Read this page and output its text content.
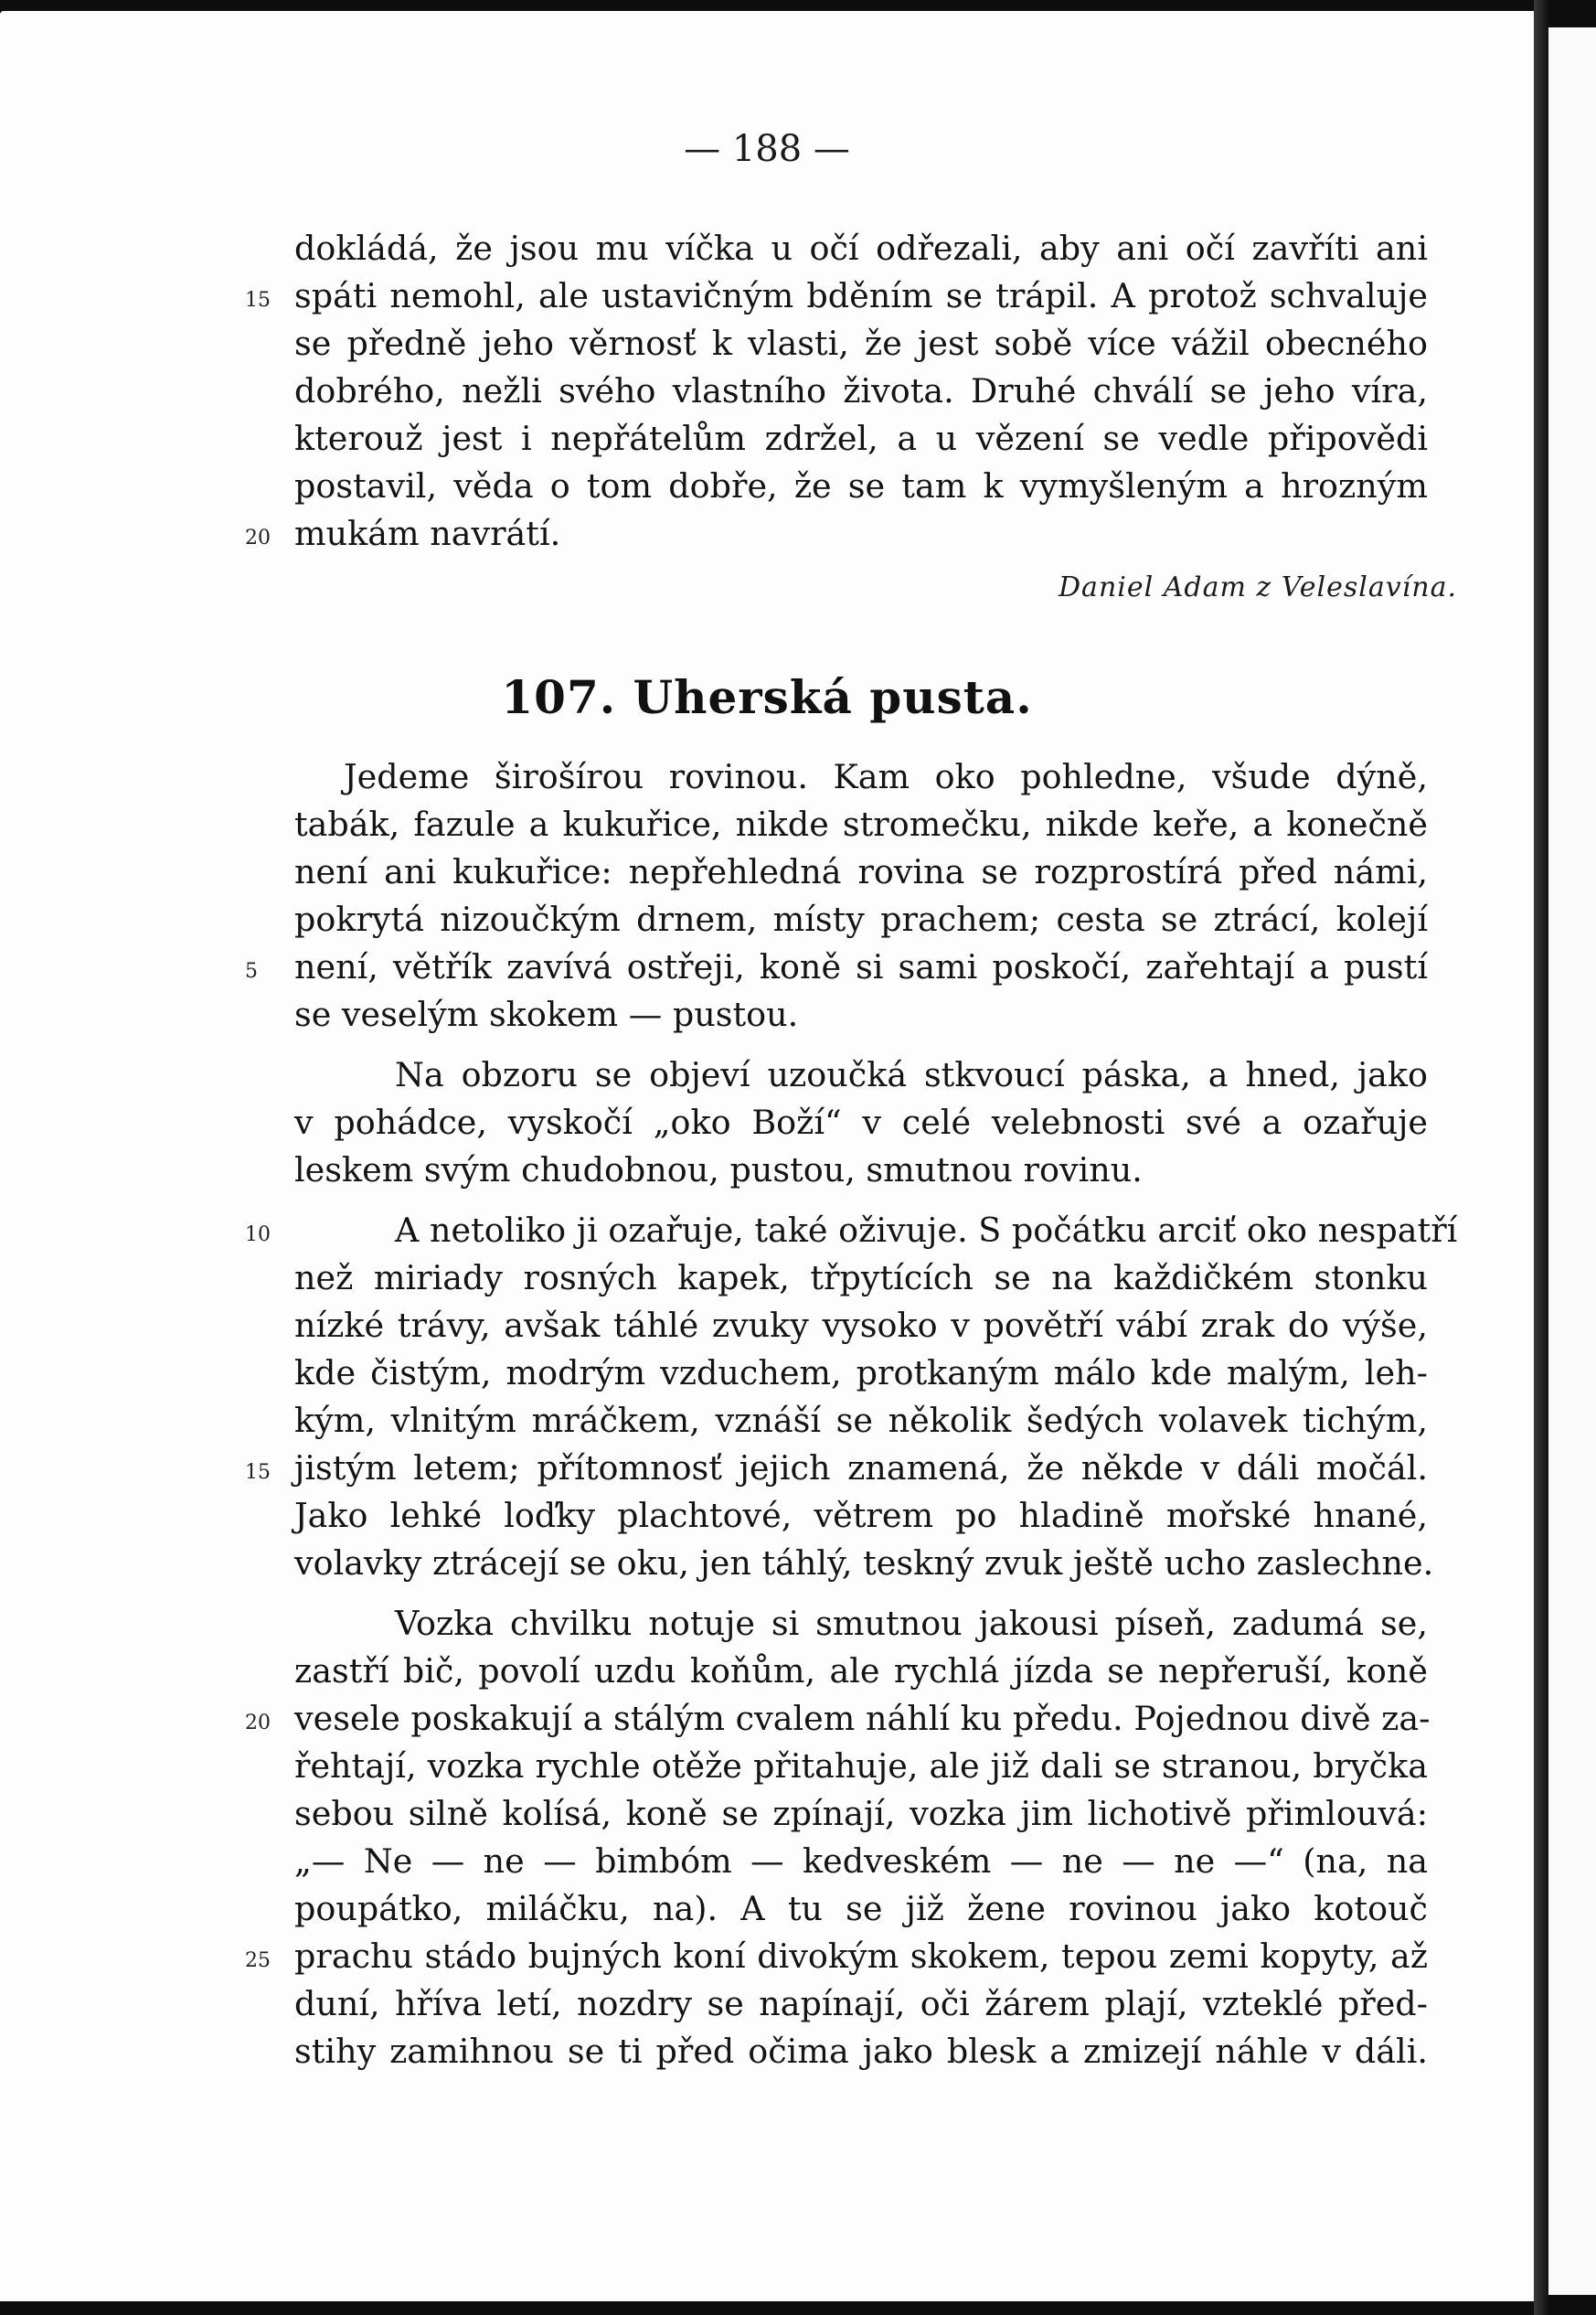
— 188 —
dokládá, že jsou mu víčka u očí odřezali, aby ani očí zavříti ani
spáti nemohl, ale ustavičným bděním se trápil. A protož schvaluje
se předně jeho věrnosť k vlasti, že jest sobě více vážil obecného
dobrého, nežli svého vlastního života. Druhé chválí se jeho víra,
kterouž jest i nepřátelům zdržel, a u vězení se vedle připovědi
postavil, věda o tom dobře, že se tam k vymyšleným a hrozným
mukám navrátí.
15
20
Daniel Adam z Veleslavína.
107. Uherská pusta.
Jedeme širošírou rovinou. Kam oko pohledne, všude dýně,
tabák, fazule a kukuřice, nikde stromečku, nikde keře, a konečně
není ani kukuřice: nepřehledná rovina se rozprostírá před námi,
pokrytá nizoučkým drnem, místy prachem; cesta se ztrácí, kolejí
není, větřík zavívá ostřeji, koně si sami poskočí, zařehtají a pustí
se veselým skokem — pustou.
Na obzoru se objeví uzoučká stkvoucí páska, a hned, jako
v pohádce, vyskočí „oko Boží“ v celé velebnosti své a ozařuje
leskem svým chudobnou, pustou, smutnou rovinu.
A netoliko ji ozařuje, také oživuje. S počátku arciť oko nespatří
než miriady rosných kapek, třpytících se na každičkém stonku
nízké trávy, avšak táhlé zvuky vysoko v povětří vábí zrak do výše,
kde čistým, modrým vzduchem, protkaným málo kde malým, leh-
kým, vlnitým mráčkem, vznáší se několik šedých volavek tichým,
jistým letem; přítomnosť jejich znamená, že někde v dáli močál.
Jako lehké loďky plachtové, větrem po hladině mořské hnané,
volavky ztrácejí se oku, jen táhlý, teskný zvuk ještě ucho zaslechne.
Vozka chvilku notuje si smutnou jakousi píseň, zadumá se,
zastří bič, povolí uzdu koňům, ale rychlá jízda se nepřeruší, koně
vesele poskakují a stálým cvalem náhlí ku předu. Pojednou divě za-
řehtají, vozka rychle otěže přitahuje, ale již dali se stranou, bryčka
sebou silně kolísá, koně se zpínají, vozka jim lichotivě přimlouvá:
„— Ne — ne — bimbóm — kedveském — ne — ne —“ (na, na
poupátko, miláčku, na). A tu se již žene rovinou jako kotouč
prachu stádo bujných koní divokým skokem, tepou zemi kopyty, až
duní, hříva letí, nozdry se napínají, oči žárem plají, vzteklé před-
stihy zamihnou se ti před očima jako blesk a zmizejí náhle v dáli.
5
10
15
20
25
